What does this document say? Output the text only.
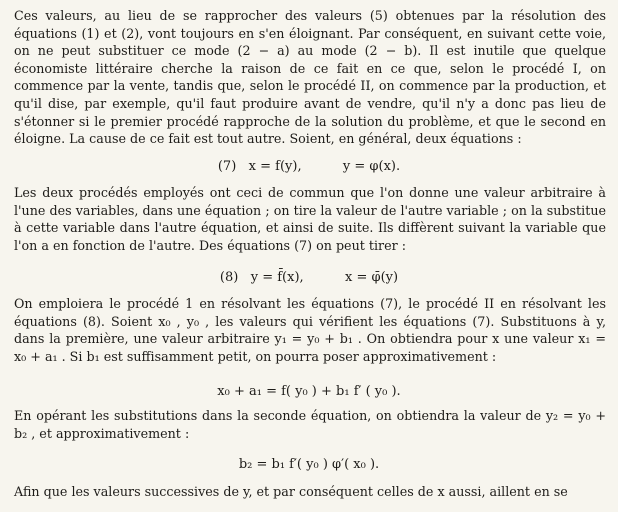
Ces valeurs, au lieu de se rapprocher des valeurs (5) obtenues par la résolution des équations (1) et (2), vont toujours en s'en éloignant. Par conséquent, en suivant cette voie, on ne peut substituer ce mode (2 − a) au mode (2 − b). Il est inutile que quelque économiste littéraire cherche la raison de ce fait en ce que, selon le procédé I, on commence par la vente, tandis que, selon le procédé II, on commence par la production, et qu'il dise, par exemple, qu'il faut produire avant de vendre, qu'il n'y a donc pas lieu de s'étonner si le premier procédé rapproche de la solution du problème, et que le second en éloigne. La cause de ce fait est tout autre. Soient, en général, deux équations :
(7)   x = f(y),          y = φ(x).
Les deux procédés employés ont ceci de commun que l'on donne une valeur arbitraire à l'une des variables, dans une équation ; on tire la valeur de l'autre variable ; on la substitue à cette variable dans l'autre équation, et ainsi de suite. Ils diffèrent suivant la variable que l'on a en fonction de l'autre. Des équations (7) on peut tirer :
(8)   y = f̄(x),          x = φ̄(y)
On emploiera le procédé 1 en résolvant les équations (7), le procédé II en résolvant les équations (8). Soient x₀ , y₀ , les valeurs qui vérifient les équations (7). Substituons à y, dans la première, une valeur arbitraire y₁ = y₀ + b₁ . On obtiendra pour x une valeur x₁ = x₀ + a₁ . Si b₁ est suffisamment petit, on pourra poser approximativement :
x₀ + a₁ = f( y₀ ) + b₁ f′ ( y₀ ).
En opérant les substitutions dans la seconde équation, on obtiendra la valeur de y₂ = y₀ + b₂ , et approximativement :
b₂ = b₁ f′( y₀ ) φ′( x₀ ).
Afin que les valeurs successives de y, et par conséquent celles de x aussi, aillent en se
